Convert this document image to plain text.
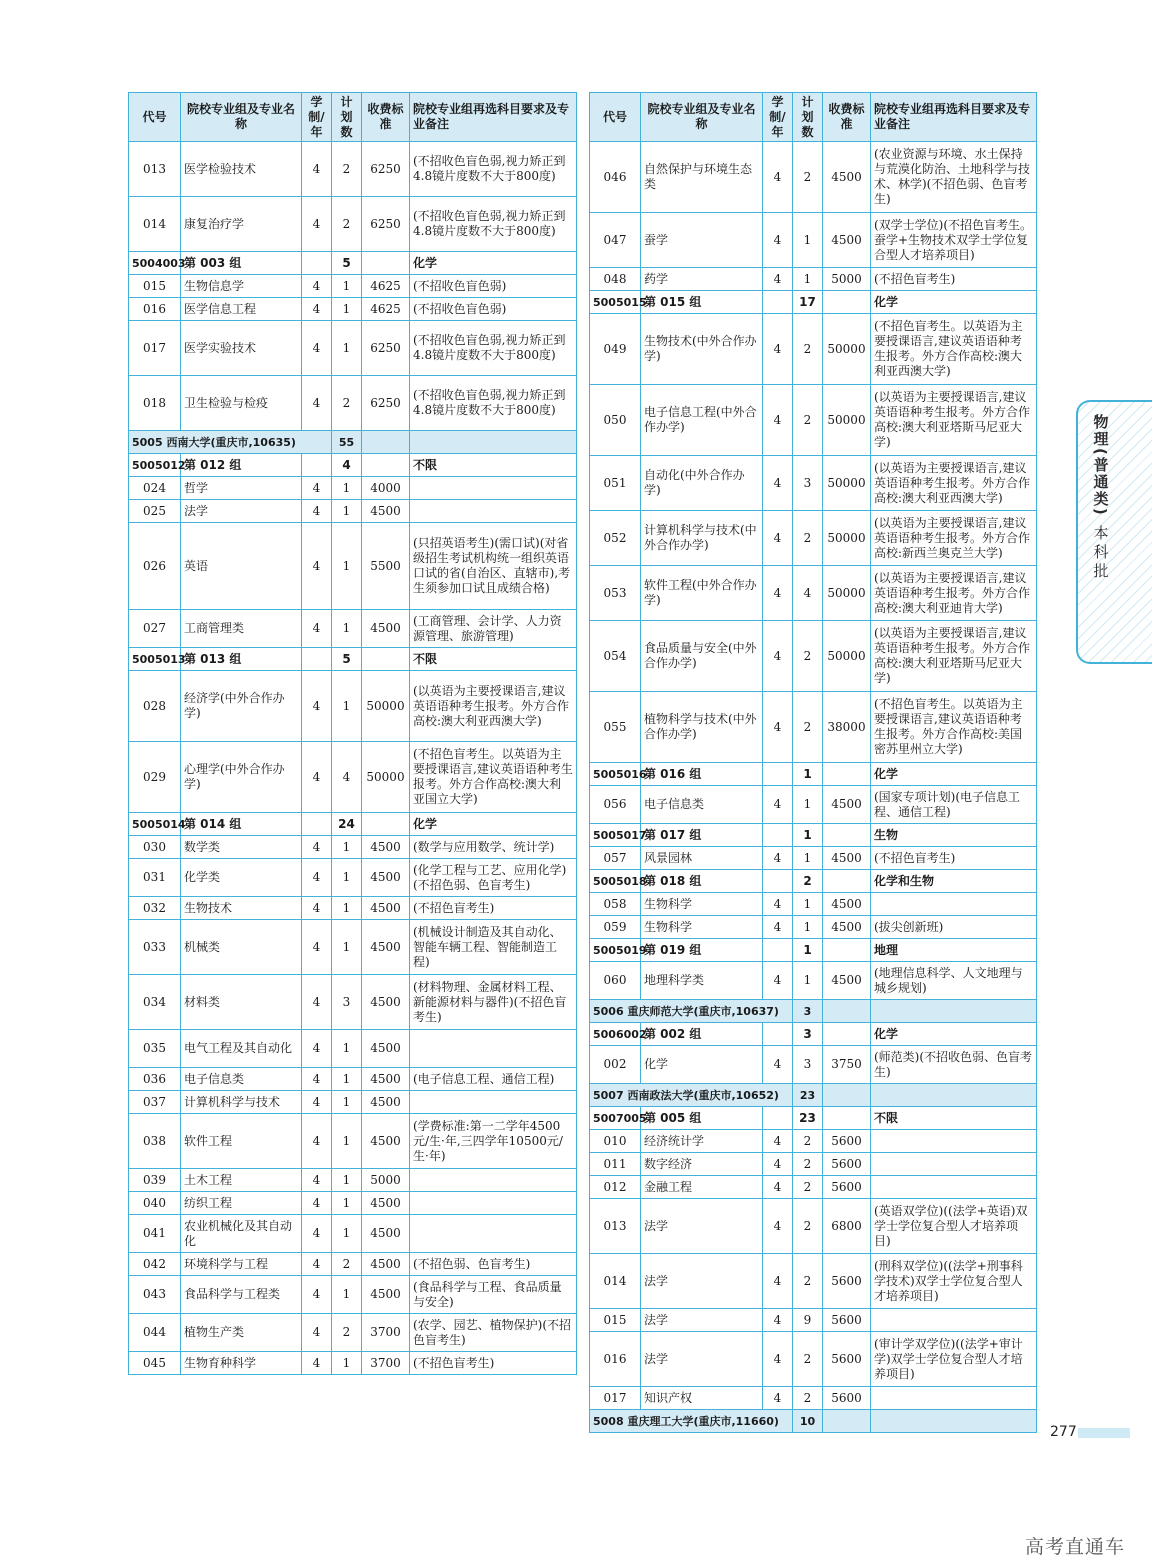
代号	院校专业组及专业名称	学制/年	计划数	收费标准	院校专业组再选科目要求及专业备注
013	医学检验技术	4	2	6250	(不招收色盲色弱,视力矫正到4.8镜片度数不大于800度)
014	康复治疗学	4	2	6250	(不招收色盲色弱,视力矫正到4.8镜片度数不大于800度)
5004003	第 003 组		5		化学
015	生物信息学	4	1	4625	(不招收色盲色弱)
016	医学信息工程	4	1	4625	(不招收色盲色弱)
017	医学实验技术	4	1	6250	(不招收色盲色弱,视力矫正到4.8镜片度数不大于800度)
018	卫生检验与检疫	4	2	6250	(不招收色盲色弱,视力矫正到4.8镜片度数不大于800度)
5005 西南大学(重庆市,10635)			55		
5005012	第 012 组		4		不限
024	哲学	4	1	4000	
025	法学	4	1	4500	
026	英语	4	1	5500	(只招英语考生)(需口试)(对省级招生考试机构统一组织英语口试的省(自治区、直辖市),考生须参加口试且成绩合格)
027	工商管理类	4	1	4500	(工商管理、会计学、人力资源管理、旅游管理)
5005013	第 013 组		5		不限
028	经济学(中外合作办学)	4	1	50000	(以英语为主要授课语言,建议英语语种考生报考。外方合作高校:澳大利亚西澳大学)
029	心理学(中外合作办学)	4	4	50000	(不招色盲考生。以英语为主要授课语言,建议英语语种考生报考。外方合作高校:澳大利亚国立大学)
5005014	第 014 组		24		化学
030	数学类	4	1	4500	(数学与应用数学、统计学)
031	化学类	4	1	4500	(化学工程与工艺、应用化学)(不招色弱、色盲考生)
032	生物技术	4	1	4500	(不招色盲考生)
033	机械类	4	1	4500	(机械设计制造及其自动化、智能车辆工程、智能制造工程)
034	材料类	4	3	4500	(材料物理、金属材料工程、新能源材料与器件)(不招色盲考生)
035	电气工程及其自动化	4	1	4500	
036	电子信息类	4	1	4500	(电子信息工程、通信工程)
037	计算机科学与技术	4	1	4500	
038	软件工程	4	1	4500	(学费标准:第一二学年4500元/生·年,三四学年10500元/生·年)
039	土木工程	4	1	5000	
040	纺织工程	4	1	4500	
041	农业机械化及其自动化	4	1	4500	
042	环境科学与工程	4	2	4500	(不招色弱、色盲考生)
043	食品科学与工程类	4	1	4500	(食品科学与工程、食品质量与安全)
044	植物生产类	4	2	3700	(农学、园艺、植物保护)(不招色盲考生)
045	生物育种科学	4	1	3700	(不招色盲考生)
代号	院校专业组及专业名称	学制/年	计划数	收费标准	院校专业组再选科目要求及专业备注
046	自然保护与环境生态类	4	2	4500	(农业资源与环境、水土保持与荒漠化防治、土地科学与技术、林学)(不招色弱、色盲考生)
047	蚕学	4	1	4500	(双学士学位)(不招色盲考生。蚕学+生物技术双学士学位复合型人才培养项目)
048	药学	4	1	5000	(不招色盲考生)
5005015	第 015 组		17		化学
049	生物技术(中外合作办学)	4	2	50000	(不招色盲考生。以英语为主要授课语言,建议英语语种考生报考。外方合作高校:澳大利亚西澳大学)
050	电子信息工程(中外合作办学)	4	2	50000	(以英语为主要授课语言,建议英语语种考生报考。外方合作高校:澳大利亚塔斯马尼亚大学)
051	自动化(中外合作办学)	4	3	50000	(以英语为主要授课语言,建议英语语种考生报考。外方合作高校:澳大利亚西澳大学)
052	计算机科学与技术(中外合作办学)	4	2	50000	(以英语为主要授课语言,建议英语语种考生报考。外方合作高校:新西兰奥克兰大学)
053	软件工程(中外合作办学)	4	4	50000	(以英语为主要授课语言,建议英语语种考生报考。外方合作高校:澳大利亚迪肯大学)
054	食品质量与安全(中外合作办学)	4	2	50000	(以英语为主要授课语言,建议英语语种考生报考。外方合作高校:澳大利亚塔斯马尼亚大学)
055	植物科学与技术(中外合作办学)	4	2	38000	(不招色盲考生。以英语为主要授课语言,建议英语语种考生报考。外方合作高校:美国密苏里州立大学)
5005016	第 016 组		1		化学
056	电子信息类	4	1	4500	(国家专项计划)(电子信息工程、通信工程)
5005017	第 017 组		1		生物
057	风景园林	4	1	4500	(不招色盲考生)
5005018	第 018 组		2		化学和生物
058	生物科学	4	1	4500	
059	生物科学	4	1	4500	(拔尖创新班)
5005019	第 019 组		1		地理
060	地理科学类	4	1	4500	(地理信息科学、人文地理与城乡规划)
5006 重庆师范大学(重庆市,10637)			3		
5006002	第 002 组		3		化学
002	化学	4	3	3750	(师范类)(不招收色弱、色盲考生)
5007 西南政法大学(重庆市,10652)			23		
5007005	第 005 组		23		不限
010	经济统计学	4	2	5600	
011	数字经济	4	2	5600	
012	金融工程	4	2	5600	
013	法学	4	2	6800	(英语双学位)((法学+英语)双学士学位复合型人才培养项目)
014	法学	4	2	5600	(刑科双学位)((法学+刑事科学技术)双学士学位复合型人才培养项目)
015	法学	4	9	5600	
016	法学	4	2	5600	(审计学双学位)((法学+审计学)双学士学位复合型人才培养项目)
017	知识产权	4	2	5600	
5008 重庆理工大学(重庆市,11660)			10		
物理(普通类)
本科批
277
高考直通车
